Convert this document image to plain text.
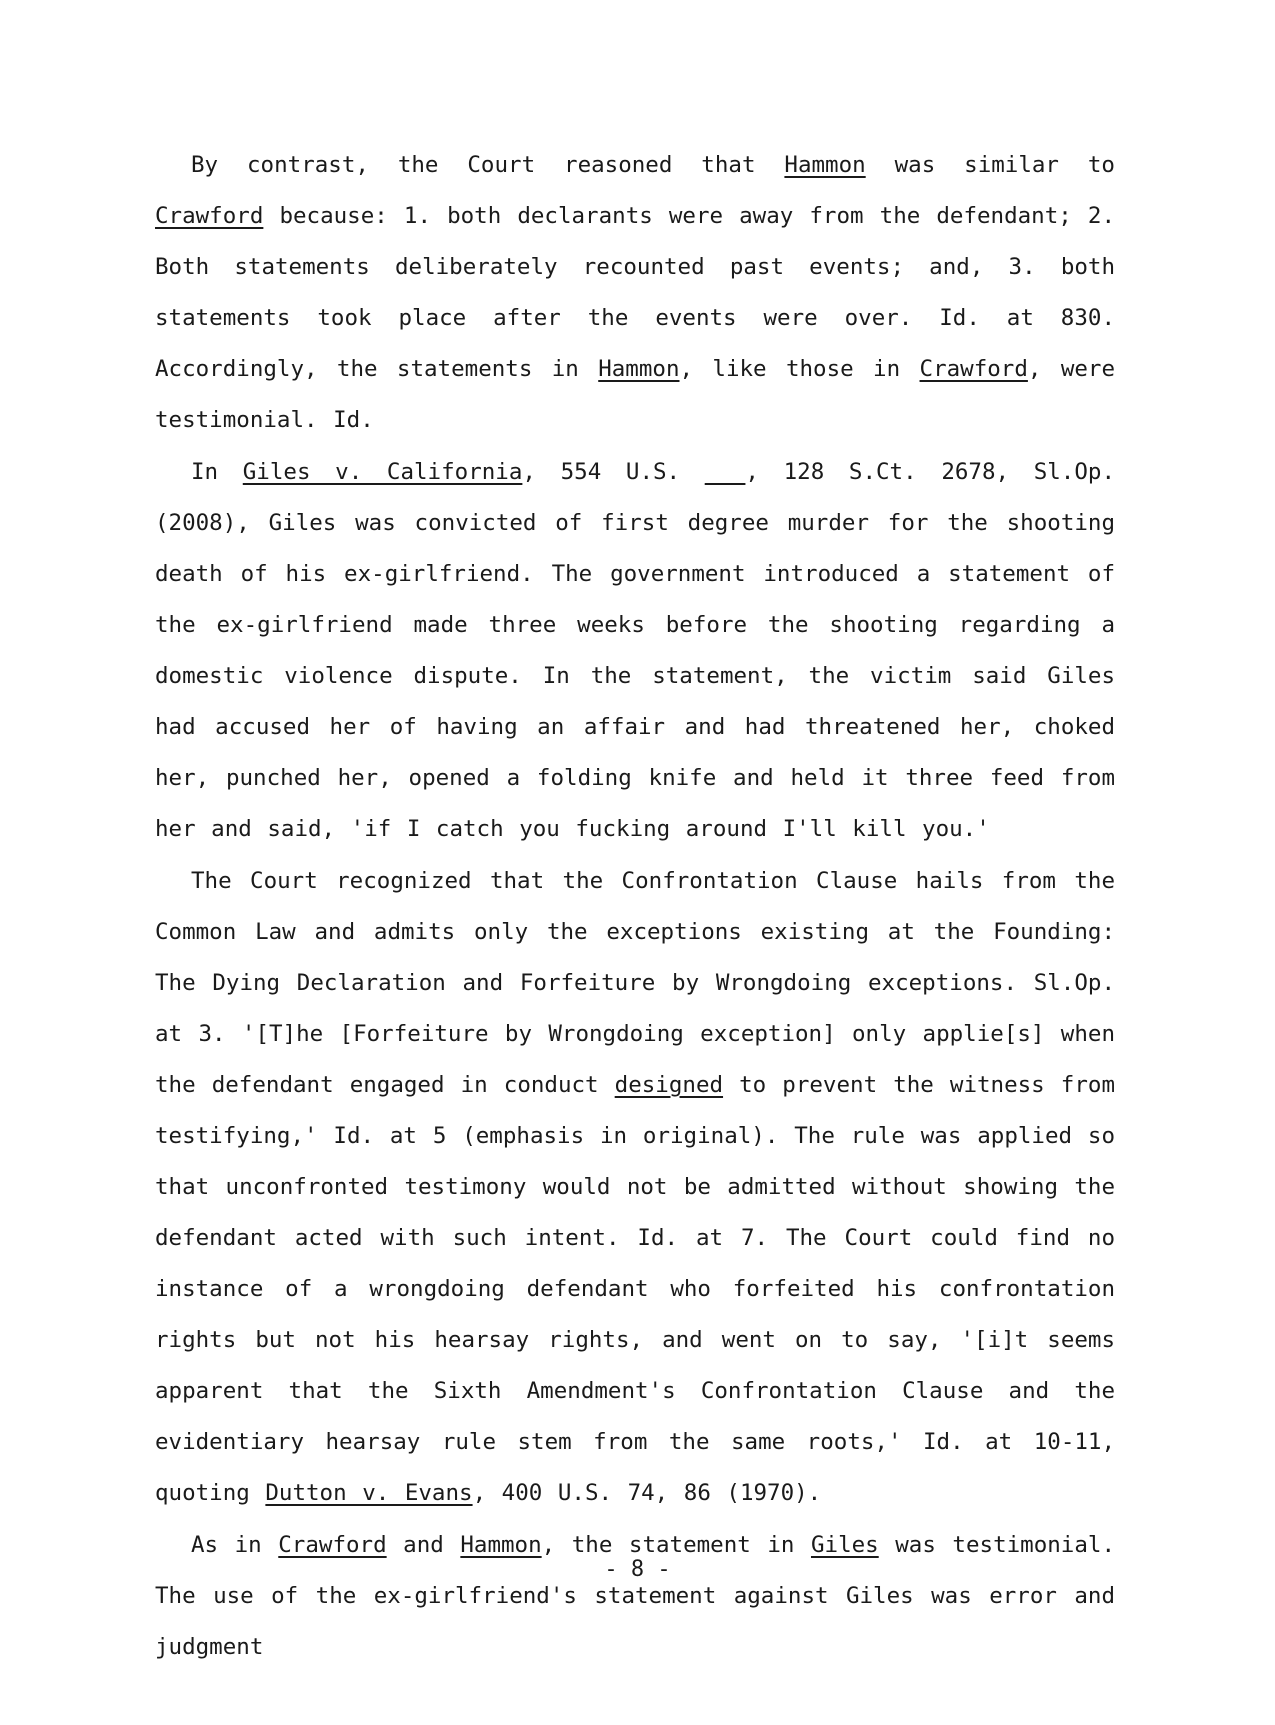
By contrast, the Court reasoned that Hammon was similar to Crawford because: 1. both declarants were away from the defendant; 2. Both statements deliberately recounted past events; and, 3. both statements took place after the events were over. Id. at 830. Accordingly, the statements in Hammon, like those in Crawford, were testimonial. Id.

In Giles v. California, 554 U.S. ___, 128 S.Ct. 2678, Sl.Op. (2008), Giles was convicted of first degree murder for the shooting death of his ex-girlfriend. The government introduced a statement of the ex-girlfriend made three weeks before the shooting regarding a domestic violence dispute. In the statement, the victim said Giles had accused her of having an affair and had threatened her, choked her, punched her, opened a folding knife and held it three feed from her and said, 'if I catch you fucking around I'll kill you.'

The Court recognized that the Confrontation Clause hails from the Common Law and admits only the exceptions existing at the Founding: The Dying Declaration and Forfeiture by Wrongdoing exceptions. Sl.Op. at 3. '[T]he [Forfeiture by Wrongdoing exception] only applie[s] when the defendant engaged in conduct designed to prevent the witness from testifying,' Id. at 5 (emphasis in original). The rule was applied so that unconfronted testimony would not be admitted without showing the defendant acted with such intent. Id. at 7. The Court could find no instance of a wrongdoing defendant who forfeited his confrontation rights but not his hearsay rights, and went on to say, '[i]t seems apparent that the Sixth Amendment's Confrontation Clause and the evidentiary hearsay rule stem from the same roots,' Id. at 10-11, quoting Dutton v. Evans, 400 U.S. 74, 86 (1970).

As in Crawford and Hammon, the statement in Giles was testimonial. The use of the ex-girlfriend's statement against Giles was error and judgment

- 8 -
